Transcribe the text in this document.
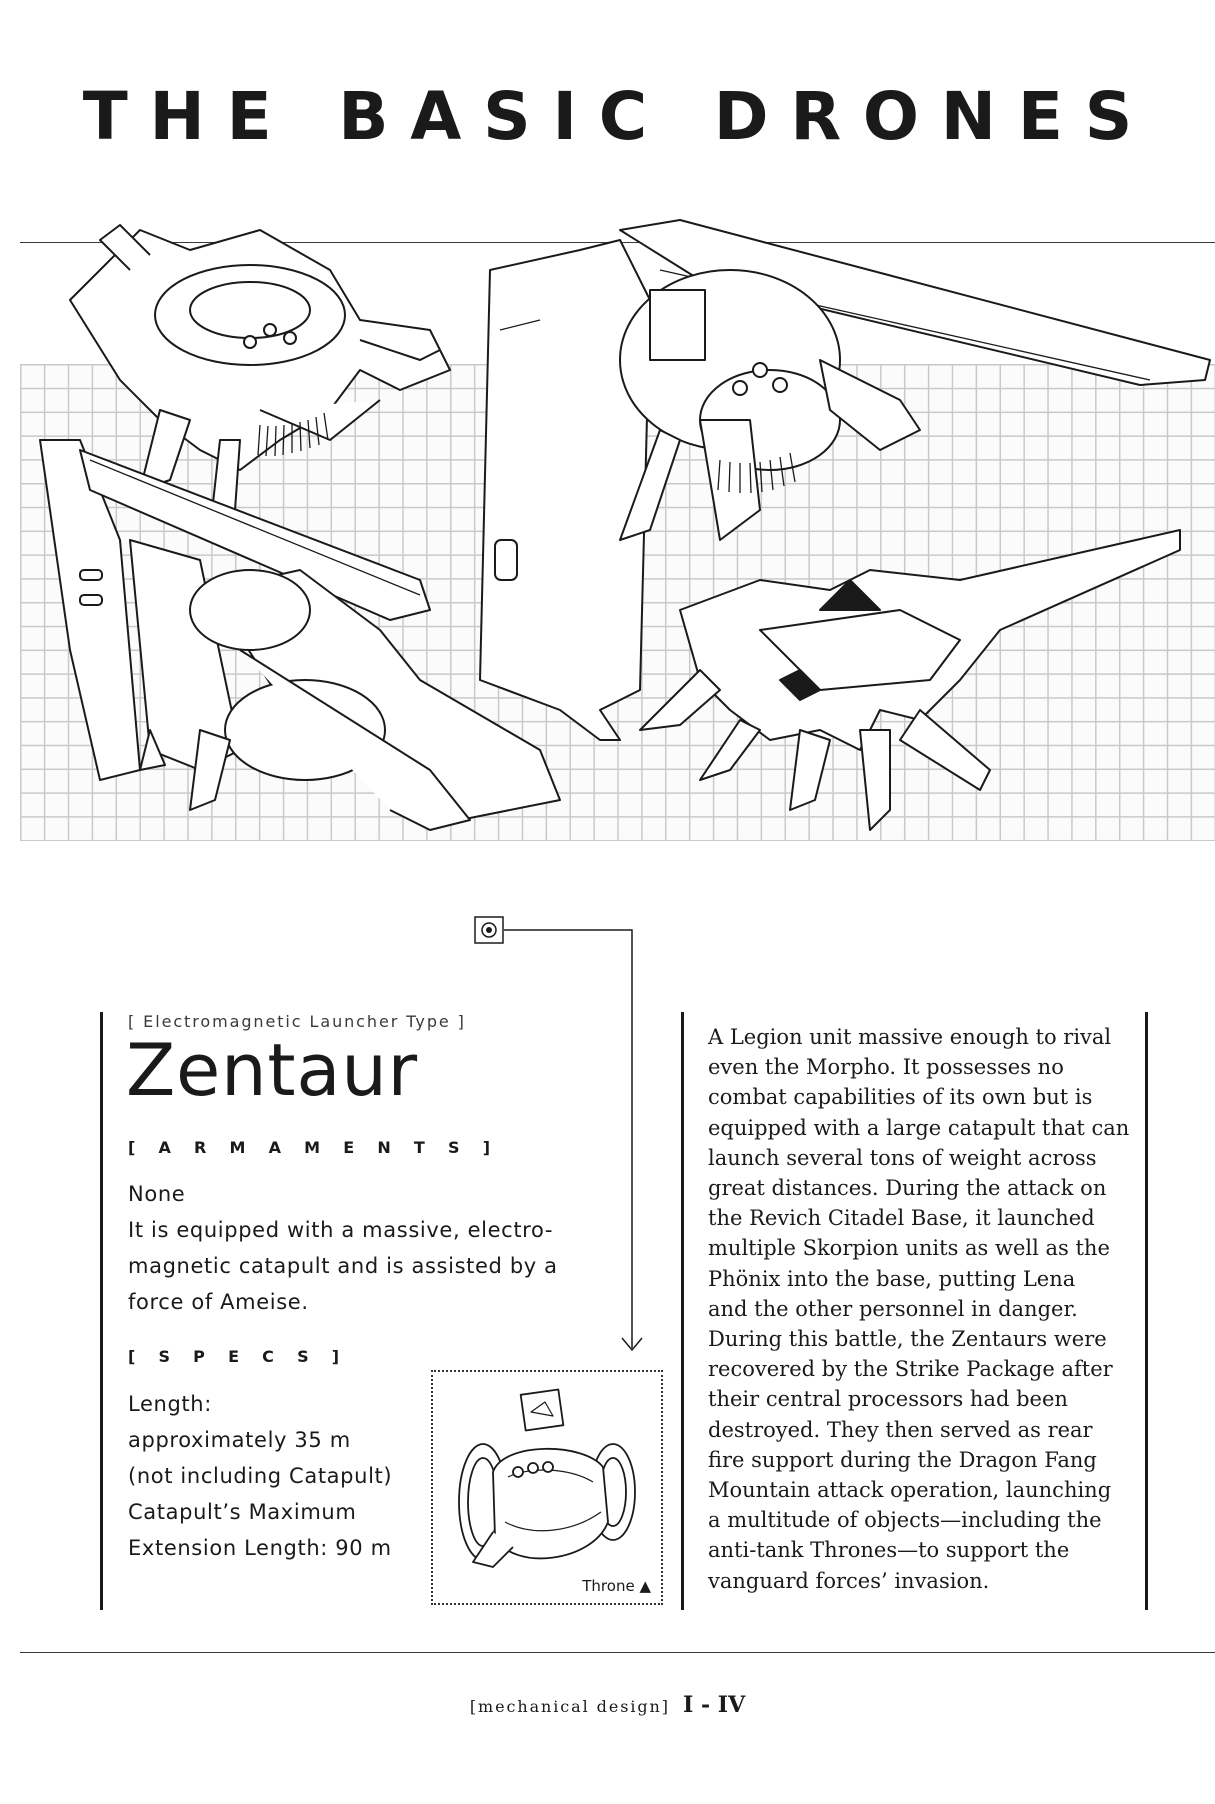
THE BASIC DRONES
[ Electromagnetic Launcher Type ]
Zentaur
[ A R M A M E N T S ]
None
It is equipped with a massive, electro-
magnetic catapult and is assisted by a
force of Ameise.
[ S P E C S ]
Length:
approximately 35 m
(not including Catapult)
Catapult’s Maximum
Extension Length: 90 m
Throne ▲
A Legion unit massive enough to rival
even the Morpho. It possesses no
combat capabilities of its own but is
equipped with a large catapult that can
launch several tons of weight across
great distances. During the attack on
the Revich Citadel Base, it launched
multiple Skorpion units as well as the
Phönix into the base, putting Lena
and the other personnel in danger.
During this battle, the Zentaurs were
recovered by the Strike Package after
their central processors had been
destroyed. They then served as rear
fire support during the Dragon Fang
Mountain attack operation, launching
a multitude of objects—including the
anti-tank Thrones—to support the
vanguard forces’ invasion.
[mechanical design] I - IV
